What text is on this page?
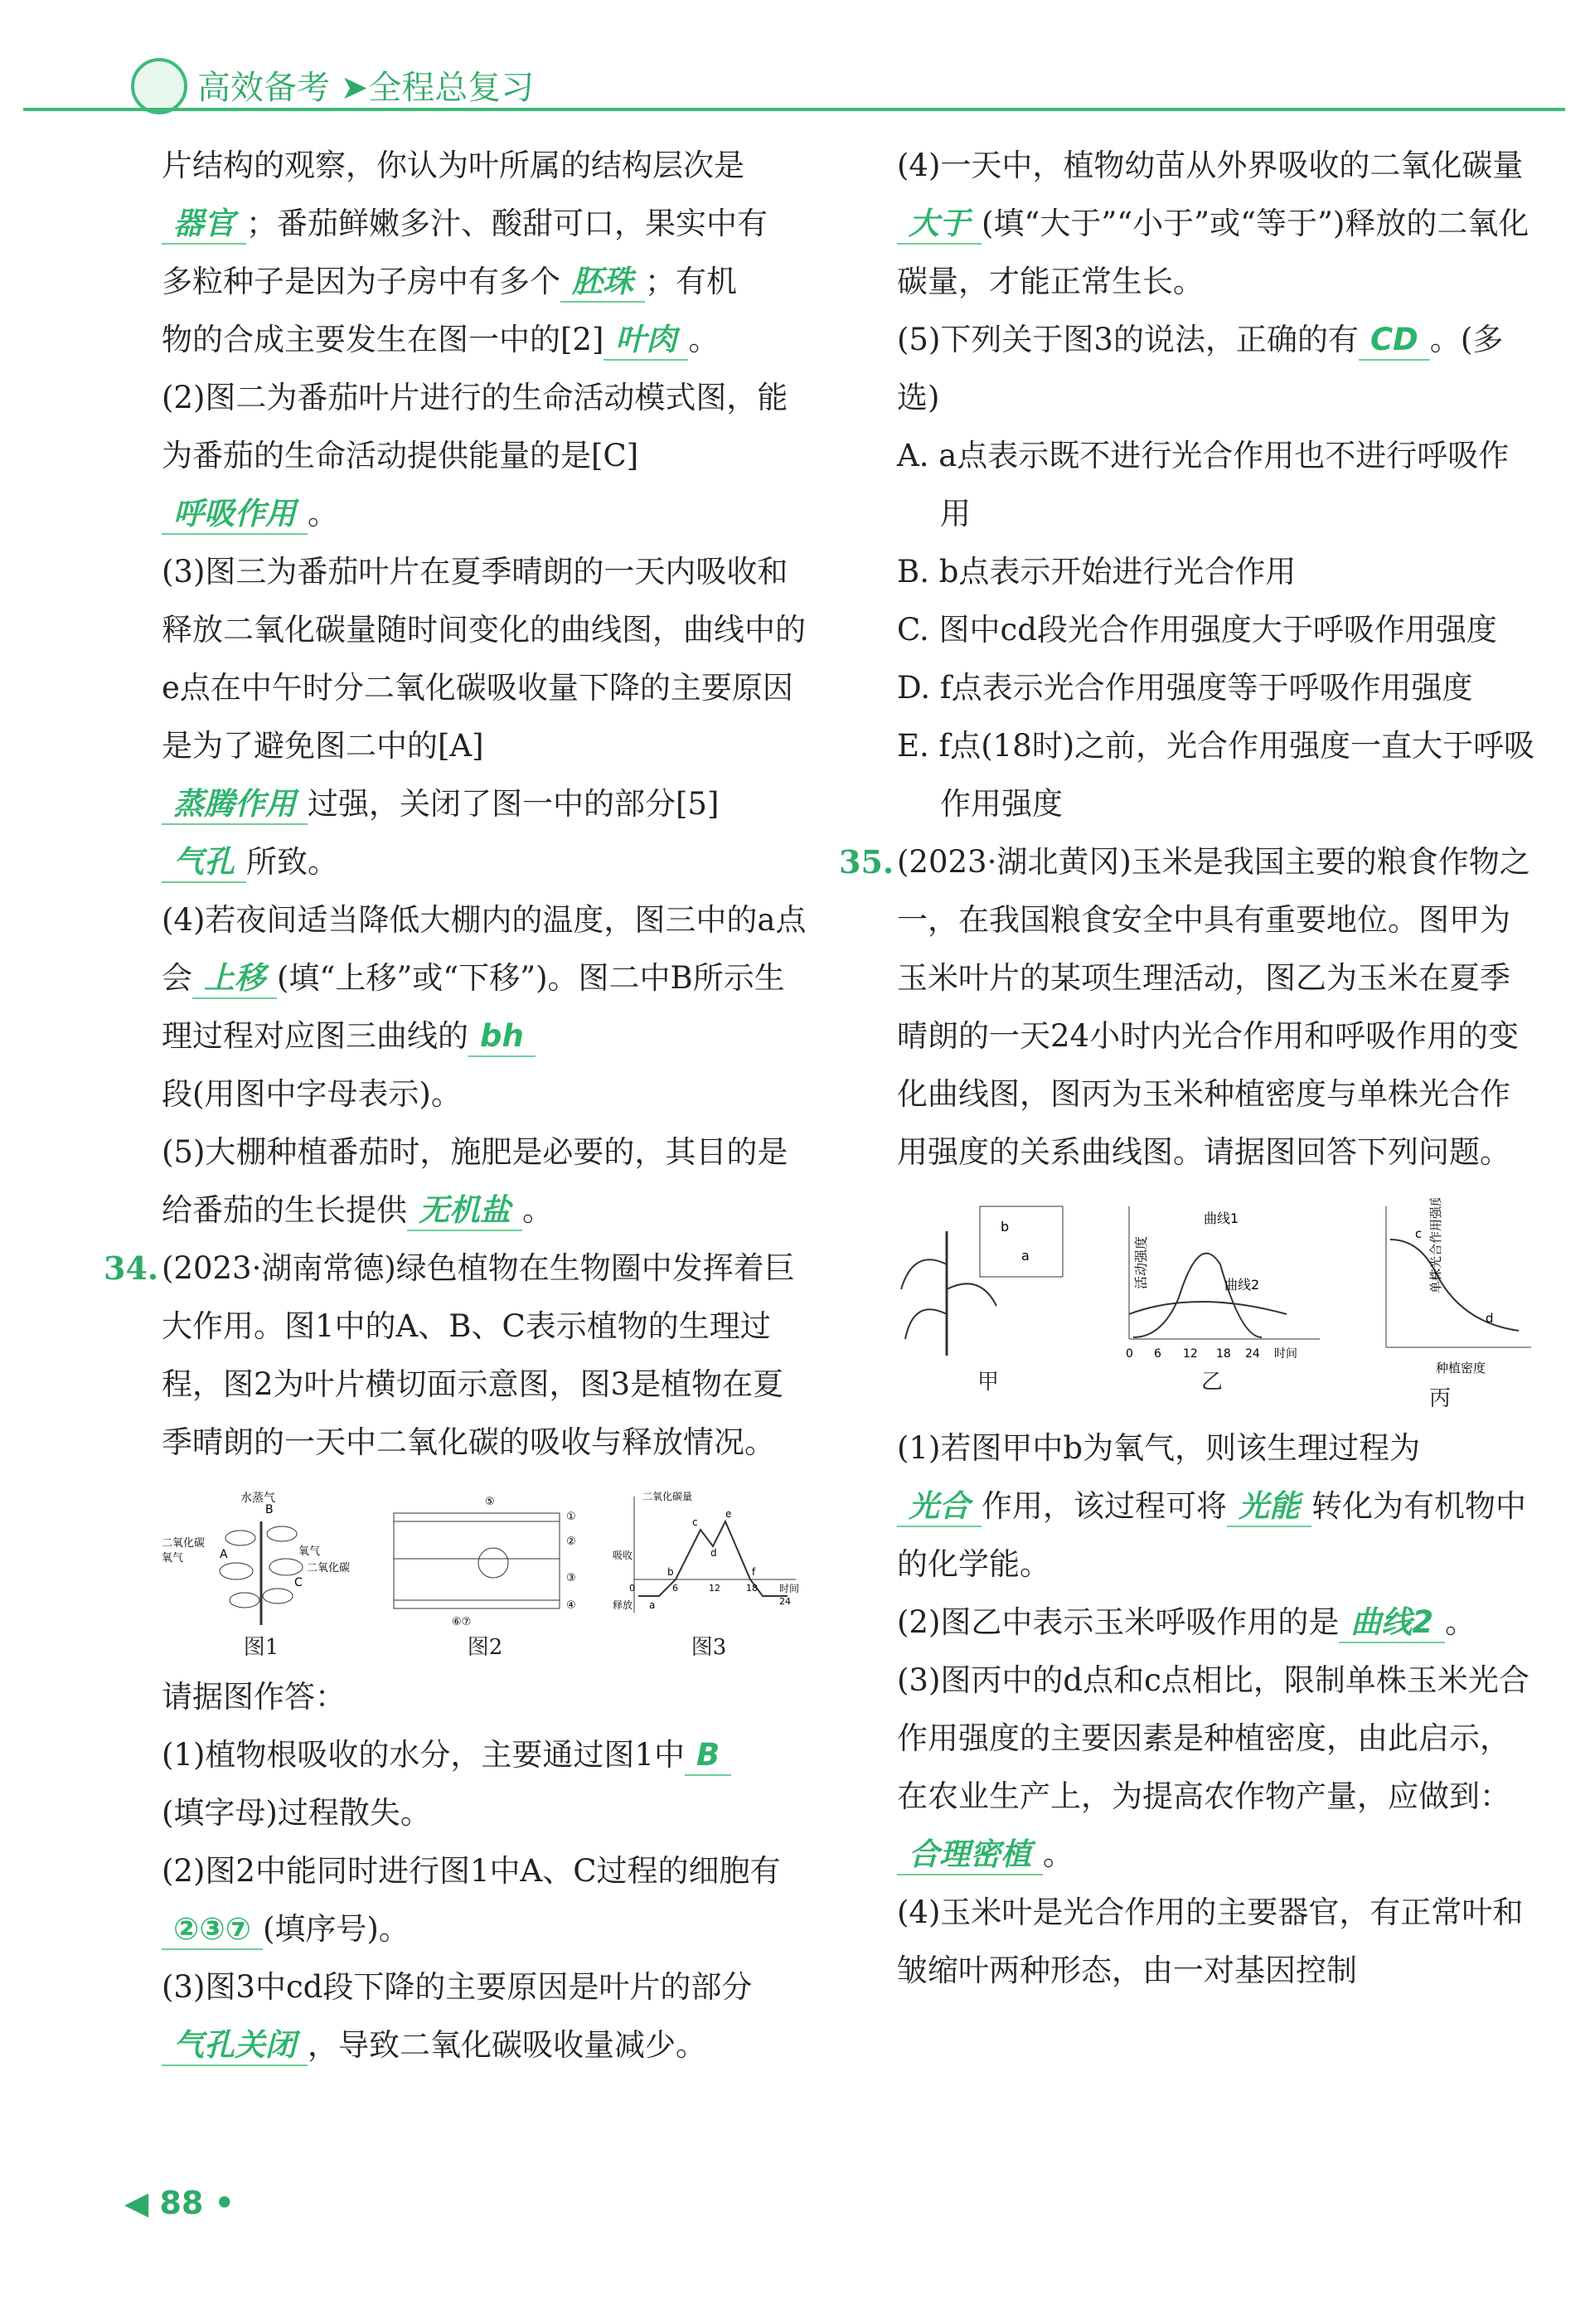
高效备考 ➤全程总复习

片结构的观察，你认为叶所属的结构层次是

器官 ；番茄鲜嫩多汁、酸甜可口，果实中有

多粒种子是因为子房中有多个 胚珠 ；有机

物的合成主要发生在图一中的[2] 叶肉 。

(2)图二为番茄叶片进行的生命活动模式图，能为番茄的生命活动提供能量的是[C]
呼吸作用 。

(3)图三为番茄叶片在夏季晴朗的一天内吸收和释放二氧化碳量随时间变化的曲线图，曲线中的e点在中午时分二氧化碳吸收量下降的主要原因是为了避免图二中的[A]
蒸腾作用 过强，关闭了图一中的部分[5]
气孔 所致。

(4)若夜间适当降低大棚内的温度，图三中的a点会 上移 (填“上移”或“下移”)。图二中B所示生理过程对应图三曲线的 bh
段(用图中字母表示)。

(5)大棚种植番茄时，施肥是必要的，其目的是给番茄的生长提供 无机盐 。

34. (2023·湖南常德)绿色植物在生物圈中发挥着巨大作用。图1中的A、B、C表示植物的生理过程，图2为叶片横切面示意图，图3是植物在夏季晴朗的一天中二氧化碳的吸收与释放情况。

水蒸气
二氧化碳
氧气
氧气
二氧化碳
A
B
C
图1
①
②
③
④
⑤
⑥⑦
图2
二氧化碳量
吸收
释放
时间
0	6	12	18
24
a
b
c
d
e
f
图3

请据图作答：

(1)植物根吸收的水分，主要通过图1中 B
(填字母)过程散失。

(2)图2中能同时进行图1中A、C过程的细胞有②③⑦ (填序号)。

(3)图3中cd段下降的主要原因是叶片的部分气孔关闭 ，导致二氧化碳吸收量减少。

(4)一天中，植物幼苗从外界吸收的二氧化碳量大于 (填“大于”“小于”或“等于”)释放的二氧化碳量，才能正常生长。

(5)下列关于图3的说法，正确的有 CD 。(多选)

A. a点表示既不进行光合作用也不进行呼吸作用

B. b点表示开始进行光合作用

C. 图中cd段光合作用强度大于呼吸作用强度

D. f点表示光合作用强度等于呼吸作用强度

E. f点(18时)之前，光合作用强度一直大于呼吸作用强度

35. (2023·湖北黄冈)玉米是我国主要的粮食作物之一，在我国粮食安全中具有重要地位。图甲为玉米叶片的某项生理活动，图乙为玉米在夏季晴朗的一天24小时内光合作用和呼吸作用的变化曲线图，图丙为玉米种植密度与单株光合作用强度的关系曲线图。请据图回答下列问题。

b
a
甲
活动强度
曲线1
曲线2
0 6 12 18 24 时间
乙
单株光合作用强度
种植密度
c
d
丙

(1)若图甲中b为氧气，则该生理过程为
光合 作用，该过程可将 光能 转化为有机物中的化学能。

(2)图乙中表示玉米呼吸作用的是 曲线2 。

(3)图丙中的d点和c点相比，限制单株玉米光合作用强度的主要因素是种植密度，由此启示，在农业生产上，为提高农作物产量，应做到：合理密植 。

(4)玉米叶是光合作用的主要器官，有正常叶和皱缩叶两种形态，由一对基因控制

◀ 88 •
